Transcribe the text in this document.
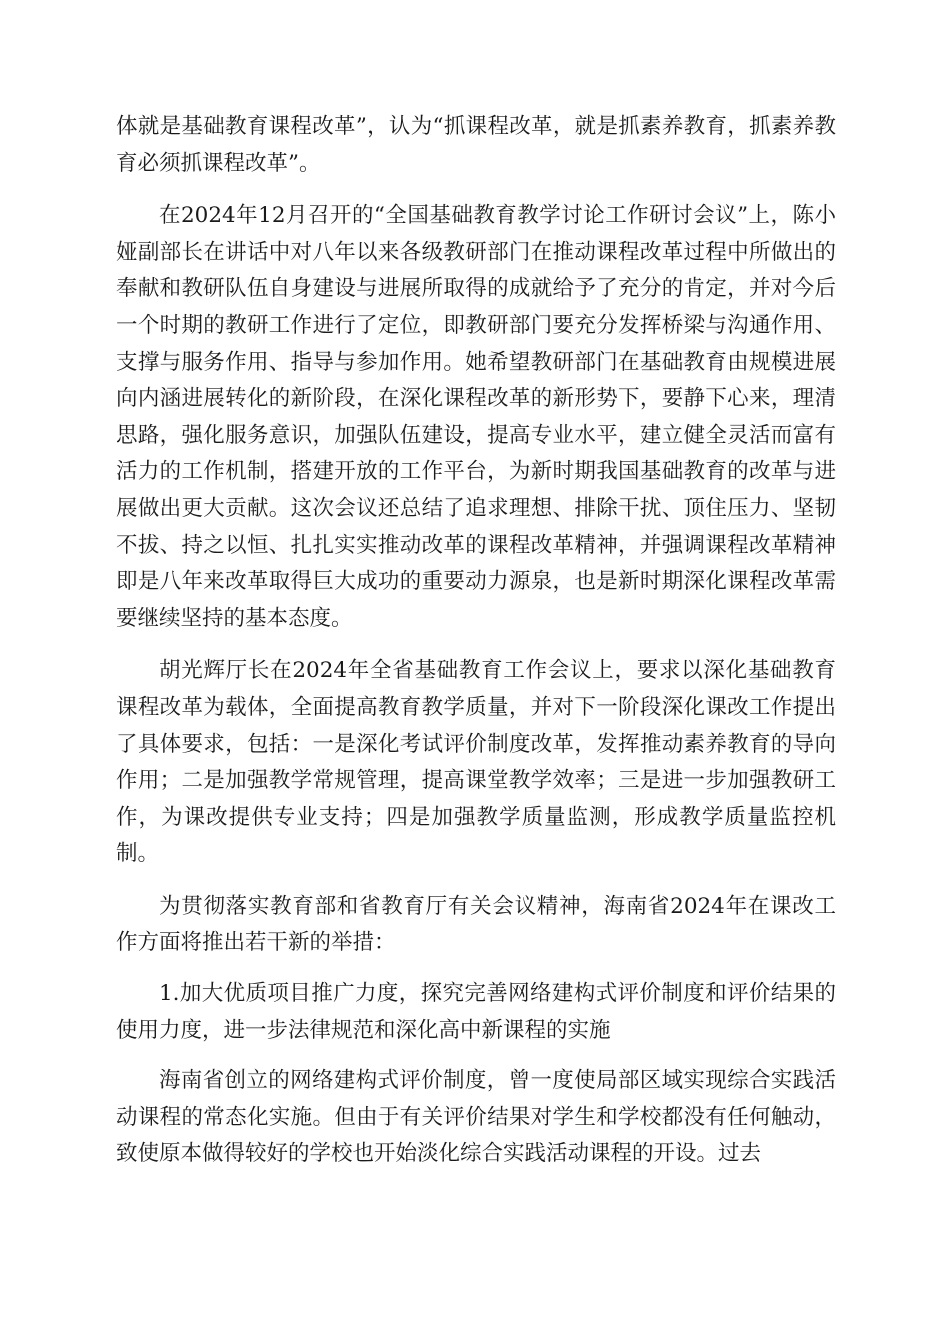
体就是基础教育课程改革”，认为“抓课程改革，就是抓素养教育，抓素养教育必须抓课程改革”。

在2024年12月召开的“全国基础教育教学讨论工作研讨会议”上，陈小娅副部长在讲话中对八年以来各级教研部门在推动课程改革过程中所做出的奉献和教研队伍自身建设与进展所取得的成就给予了充分的肯定，并对今后一个时期的教研工作进行了定位，即教研部门要充分发挥桥梁与沟通作用、支撑与服务作用、指导与参加作用。她希望教研部门在基础教育由规模进展向内涵进展转化的新阶段，在深化课程改革的新形势下，要静下心来，理清思路，强化服务意识，加强队伍建设，提高专业水平，建立健全灵活而富有活力的工作机制，搭建开放的工作平台，为新时期我国基础教育的改革与进展做出更大贡献。这次会议还总结了追求理想、排除干扰、顶住压力、坚韧不拔、持之以恒、扎扎实实推动改革的课程改革精神，并强调课程改革精神即是八年来改革取得巨大成功的重要动力源泉，也是新时期深化课程改革需要继续坚持的基本态度。

胡光辉厅长在2024年全省基础教育工作会议上，要求以深化基础教育课程改革为载体，全面提高教育教学质量，并对下一阶段深化课改工作提出了具体要求，包括：一是深化考试评价制度改革，发挥推动素养教育的导向作用；二是加强教学常规管理，提高课堂教学效率；三是进一步加强教研工作，为课改提供专业支持；四是加强教学质量监测，形成教学质量监控机制。

为贯彻落实教育部和省教育厅有关会议精神，海南省2024年在课改工作方面将推出若干新的举措：

1.加大优质项目推广力度，探究完善网络建构式评价制度和评价结果的使用力度，进一步法律规范和深化高中新课程的实施

海南省创立的网络建构式评价制度，曾一度使局部区域实现综合实践活动课程的常态化实施。但由于有关评价结果对学生和学校都没有任何触动，致使原本做得较好的学校也开始淡化综合实践活动课程的开设。过去
